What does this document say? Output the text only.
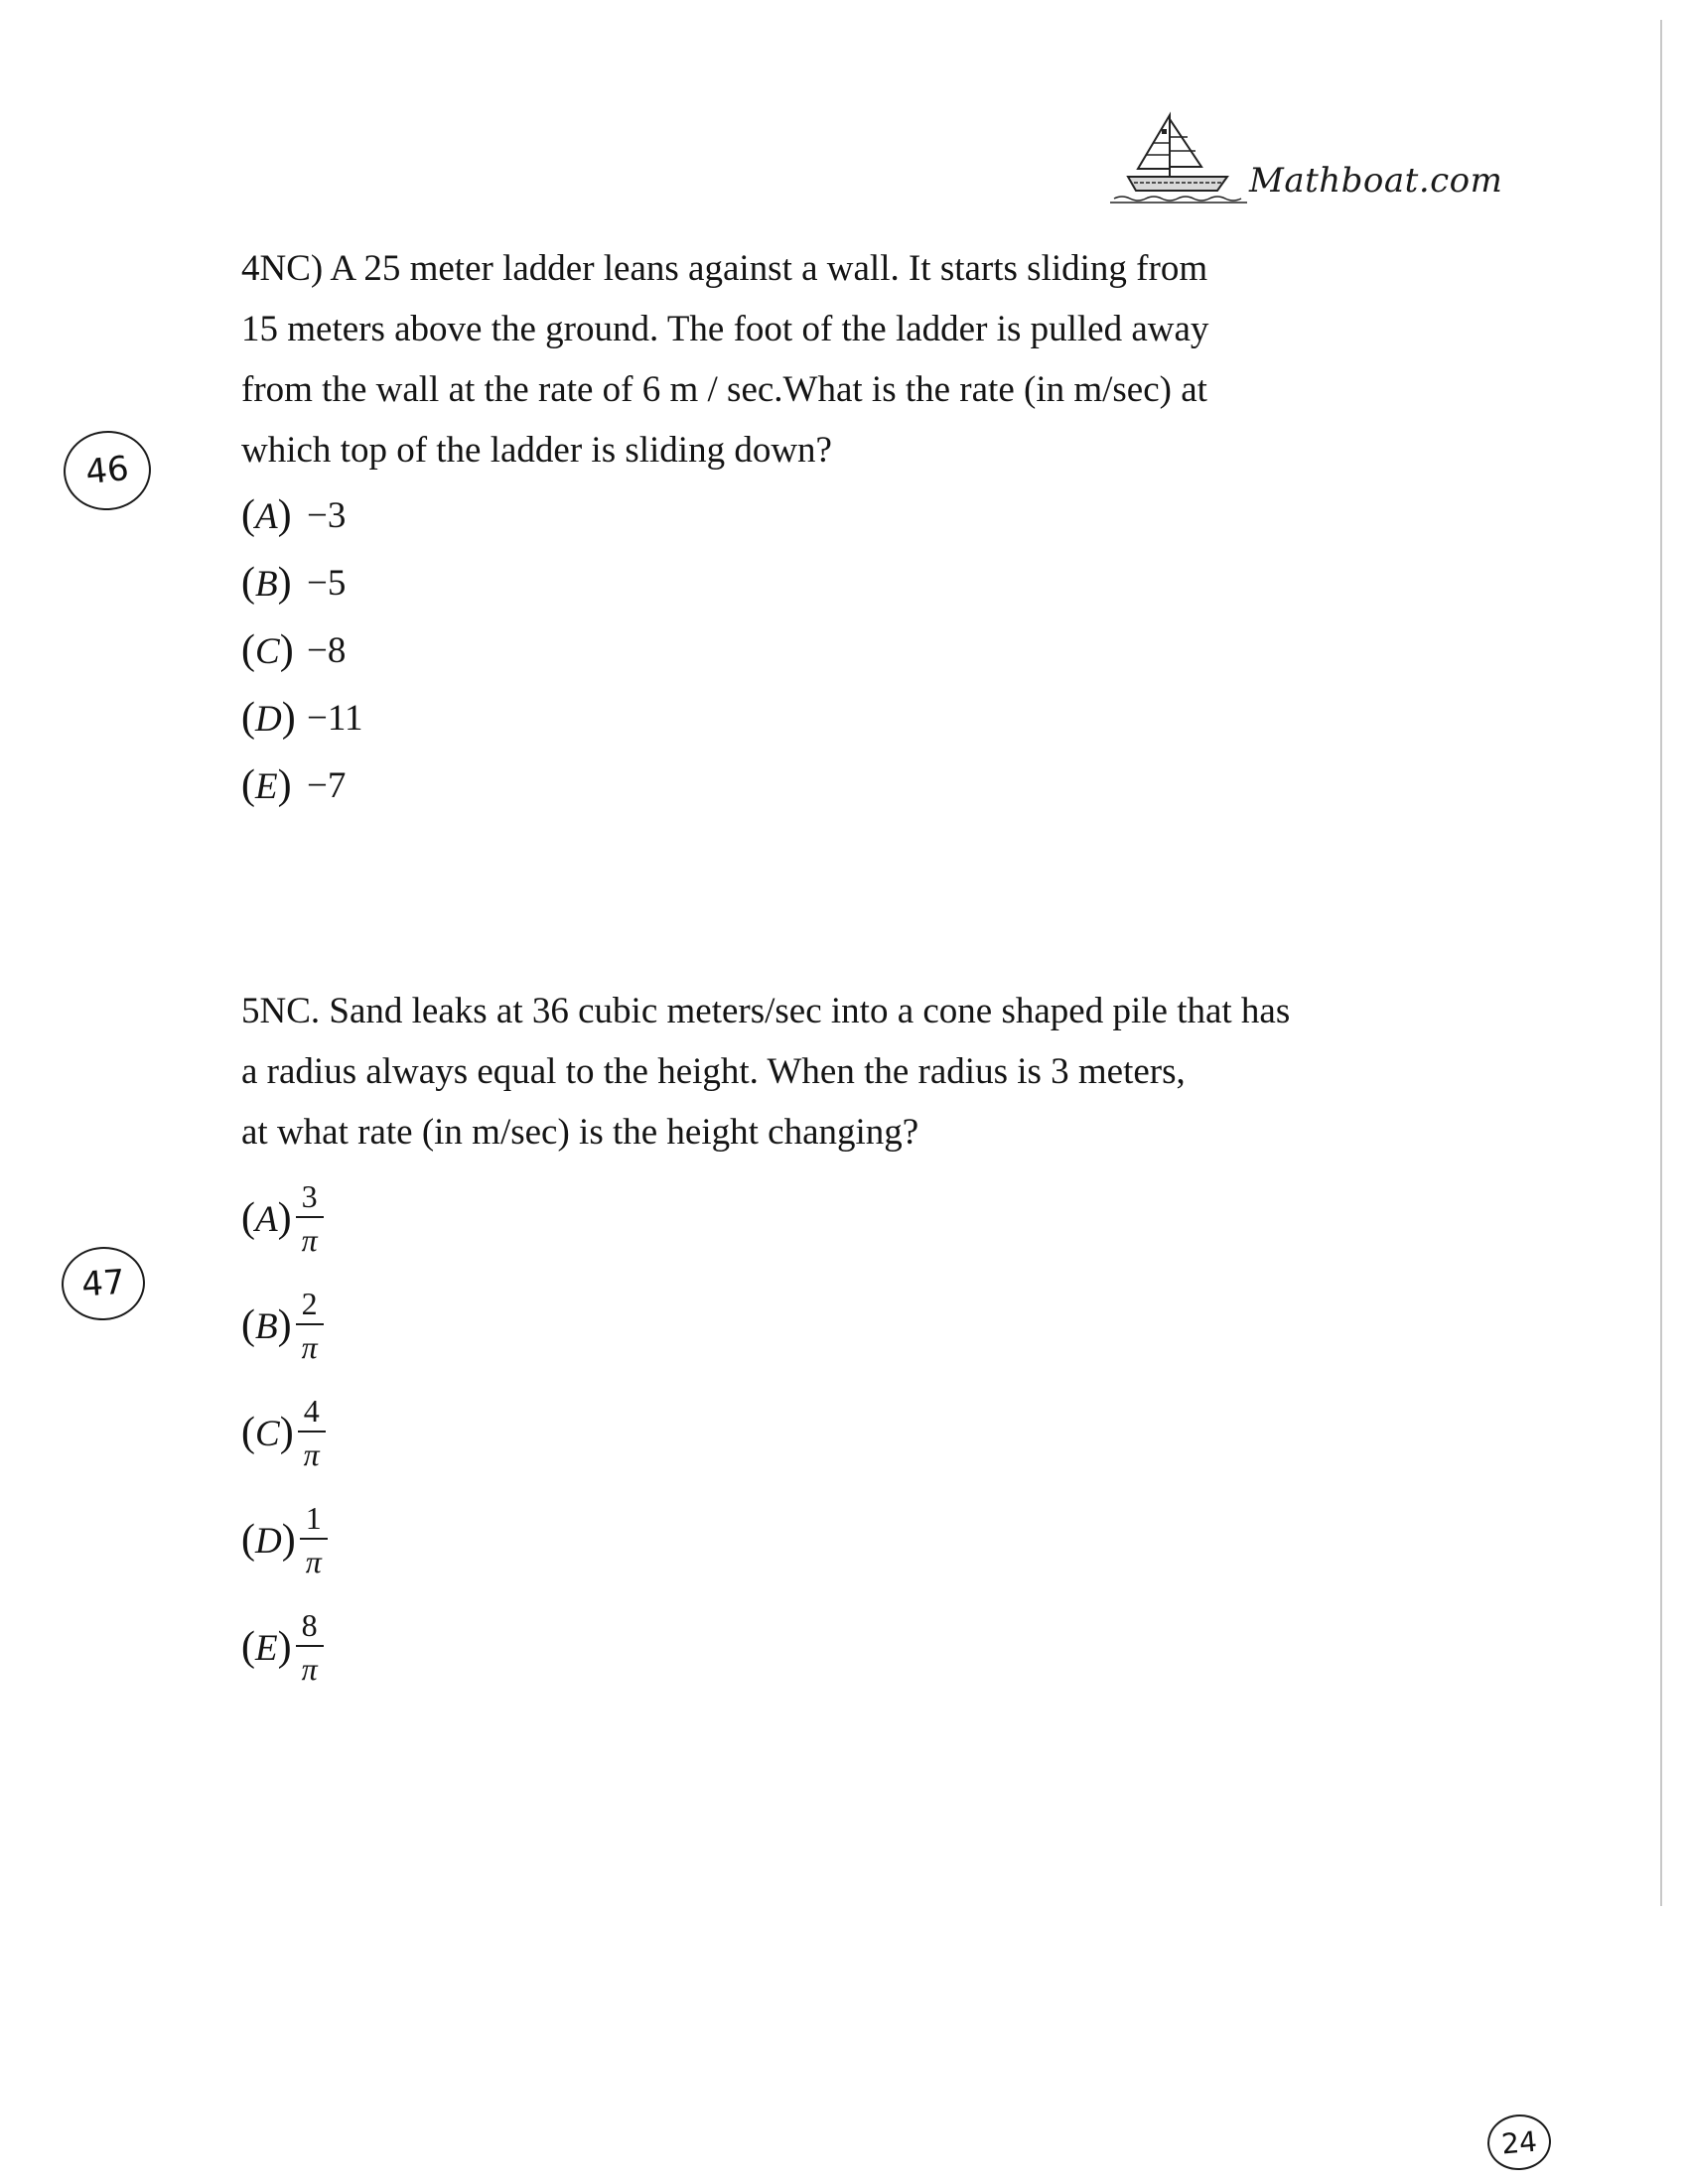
Mathboat.com
4NC) A 25 meter ladder leans against a wall. It starts sliding from
15 meters above the ground. The foot of the ladder is pulled away
from the wall at the rate of 6 m / sec.What is the rate (in m/sec) at
which top of the ladder is sliding down?
(A) −3
(B) −5
(C) −8
(D) −11
(E) −7
5NC. Sand leaks at 36 cubic meters/sec into a cone shaped pile that has
a radius always equal to the height. When the radius is 3 meters,
at what rate (in m/sec) is the height changing?
$(A) \frac{3}{\pi}$
$(B) \frac{2}{\pi}$
$(C) \frac{4}{\pi}$
$(D) \frac{1}{\pi}$
$(E) \frac{8}{\pi}$
46
47
24
